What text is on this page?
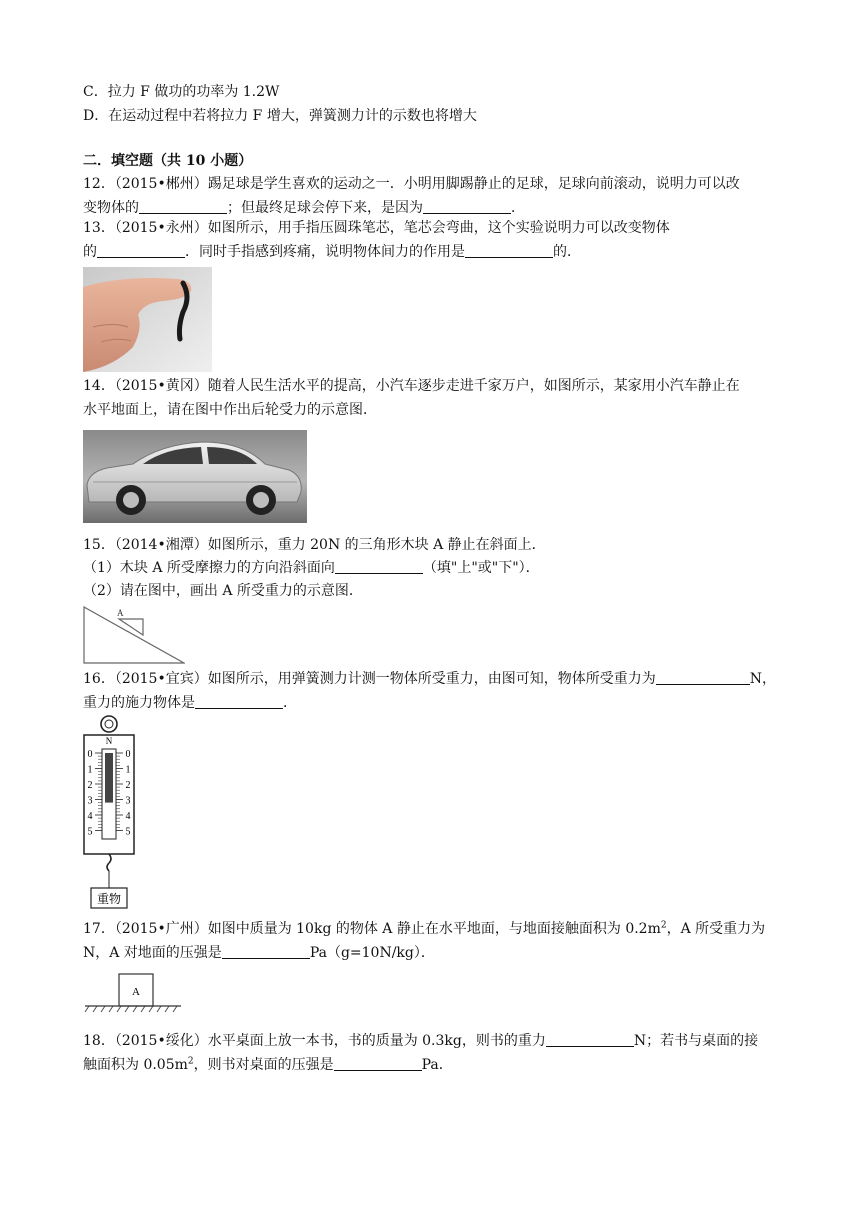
C．拉力 F 做功的功率为 1.2W
D．在运动过程中若将拉力 F 增大，弹簧测力计的示数也将增大
二．填空题（共 10 小题）
12．（2015•郴州）踢足球是学生喜欢的运动之一．小明用脚踢静止的足球，足球向前滚动，说明力可以改
变物体的	；但最终足球会停下来，是因为	．
13．（2015•永州）如图所示，用手指压圆珠笔芯，笔芯会弯曲，这个实验说明力可以改变物体
的	．同时手指感到疼痛，说明物体间力的作用是	的．
14．（2015•黄冈）随着人民生活水平的提高，小汽车逐步走进千家万户，如图所示，某家用小汽车静止在
水平地面上，请在图中作出后轮受力的示意图．
15．（2014•湘潭）如图所示，重力 20N 的三角形木块 A 静止在斜面上．
（1）木块 A 所受摩擦力的方向沿斜面向	（填"上"或"下"）．
（2）请在图中，画出 A 所受重力的示意图．
A
16．（2015•宜宾）如图所示，用弹簧测力计测一物体所受重力，由图可知，物体所受重力为	N，
重力的施力物体是	．
N
0	0
1	1
2	2
3	3
4	4
5	5
重物
17．（2015•广州）如图中质量为 10kg 的物体 A 静止在水平地面，与地面接触面积为 $0.2m^2$，A 所受重力为
N，A 对地面的压强是	Pa（g=10N/kg）．
A
18．（2015•绥化）水平桌面上放一本书，书的质量为 0.3kg，则书的重力	N；若书与桌面的接
触面积为 $0.05m^2$，则书对桌面的压强是	Pa．
